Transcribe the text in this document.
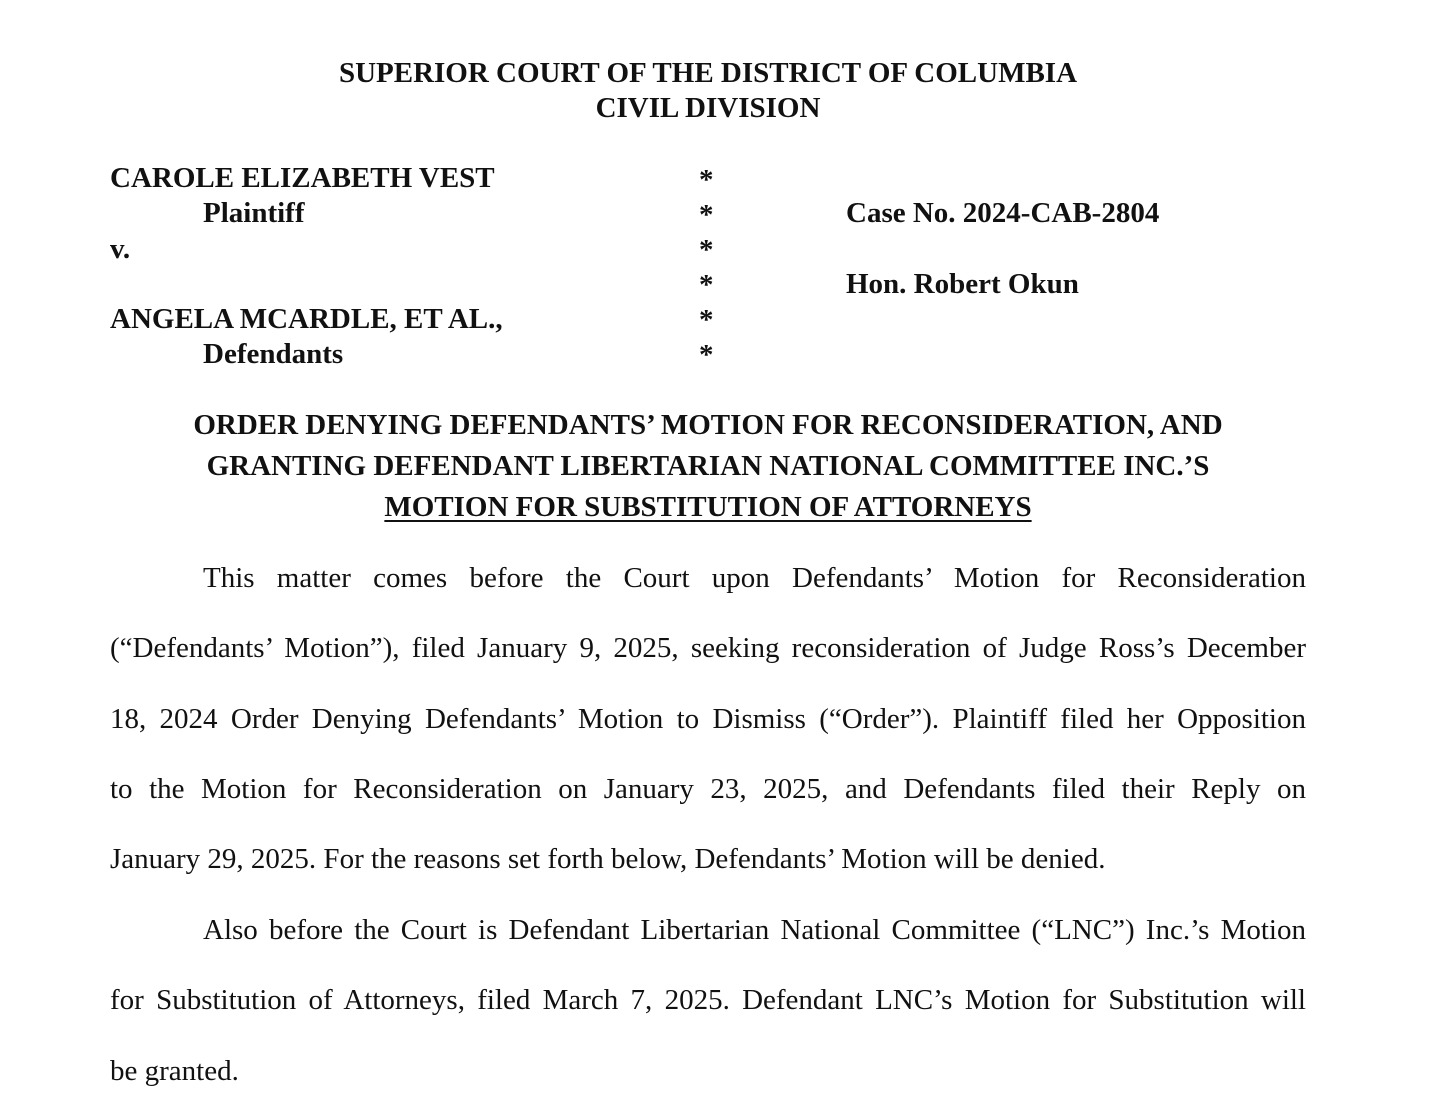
SUPERIOR COURT OF THE DISTRICT OF COLUMBIA
CIVIL DIVISION
CAROLE ELIZABETH VEST
Plaintiff
v.
ANGELA MCARDLE, ET AL.,
Defendants
*
*
*
*
*
*
Case No. 2024-CAB-2804
Hon. Robert Okun
ORDER DENYING DEFENDANTS’ MOTION FOR RECONSIDERATION, AND
GRANTING DEFENDANT LIBERTARIAN NATIONAL COMMITTEE INC.’S
MOTION FOR SUBSTITUTION OF ATTORNEYS
This matter comes before the Court upon Defendants’ Motion for Reconsideration
(“Defendants’ Motion”), filed January 9, 2025, seeking reconsideration of Judge Ross’s December
18, 2024 Order Denying Defendants’ Motion to Dismiss (“Order”). Plaintiff filed her Opposition
to the Motion for Reconsideration on January 23, 2025, and Defendants filed their Reply on
January 29, 2025. For the reasons set forth below, Defendants’ Motion will be denied.
Also before the Court is Defendant Libertarian National Committee (“LNC”) Inc.’s Motion
for Substitution of Attorneys, filed March 7, 2025. Defendant LNC’s Motion for Substitution will
be granted.
